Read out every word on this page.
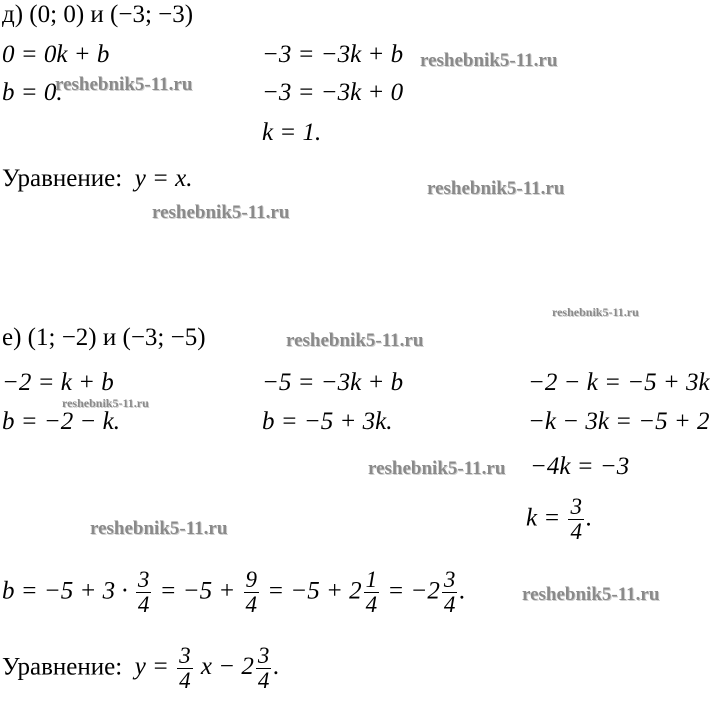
д) (0; 0) и (−3; −3)
0 = 0k + b
b = 0.
−3 = −3k + b
−3 = −3k + 0
k = 1.
Уравнение: y = x.
е) (1; −2) и (−3; −5)
−2 = k + b
b = −2 − k.
−5 = −3k + b
b = −5 + 3k.
−2 − k = −5 + 3k
−k − 3k = −5 + 2
−4k = −3
$k = \frac{3}{4}$ .
$b = -5 + 3 \cdot \frac{3}{4} = -5 + \frac{9}{4} = -5 + 2 \frac{1}{4} = -2 \frac{3}{4}$ .
Уравнение: $y = \frac{3}{4}$ $x - 2 \frac{3}{4}$ .
reshebnik5-11.ru
reshebnik5-11.ru
reshebnik5-11.ru
reshebnik5-11.ru
reshebnik5-11.ru
reshebnik5-11.ru
reshebnik5-11.ru
reshebnik5-11.ru
reshebnik5-11.ru
reshebnik5-11.ru
